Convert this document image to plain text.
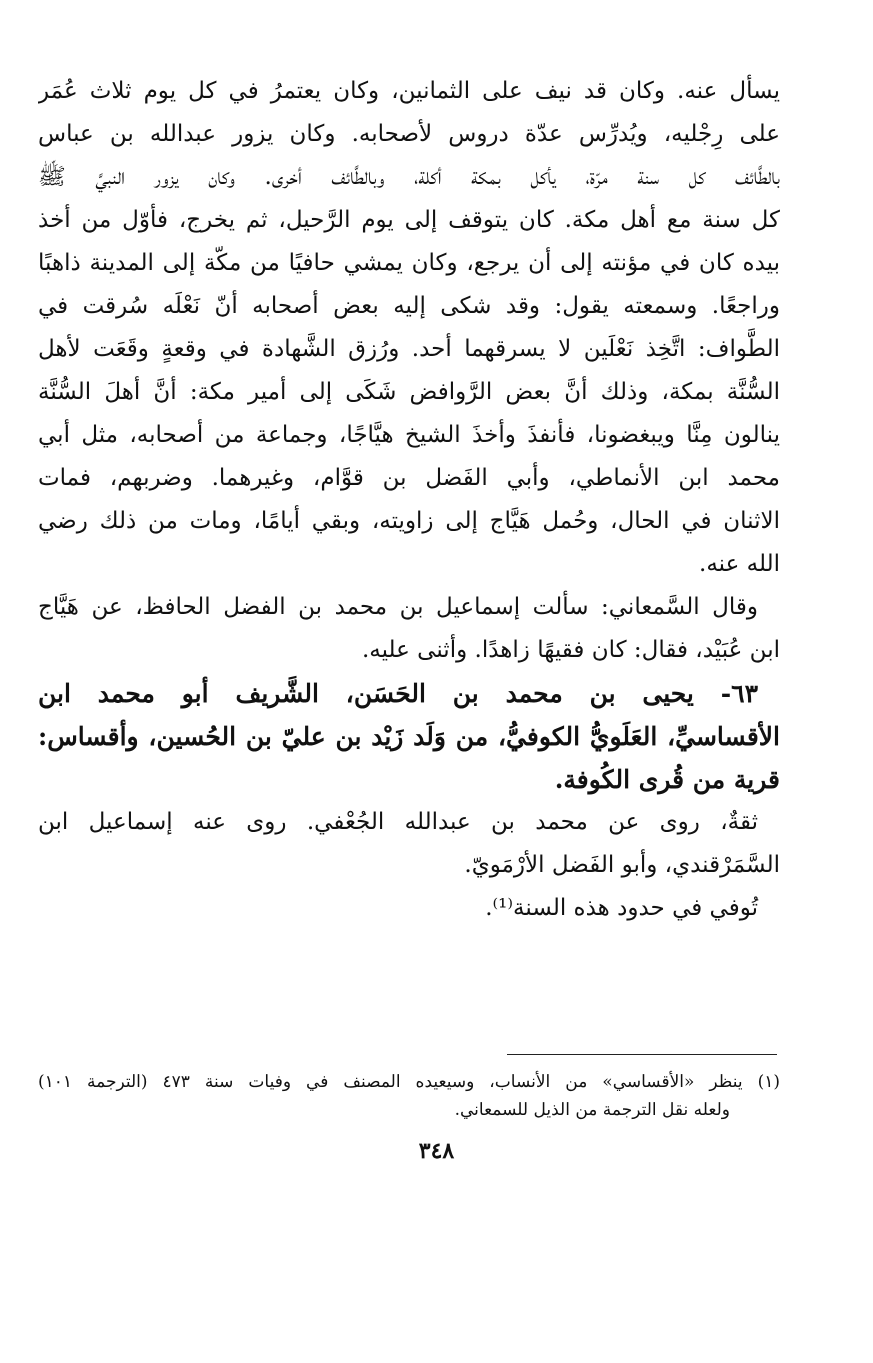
يسأل عنه. وكان قد نيف على الثمانين، وكان يعتمرُ في كل يوم ثلاث عُمَر
على رِجْليه، ويُدرِّس عدّة دروس لأصحابه. وكان يزور عبدالله بن عباس
بالطَّائف كل سنة مرّة، يأكل بمكة أكلة، وبالطَّائف أخرى. وكان يزور النبيَّ ﷺ
كل سنة مع أهل مكة. كان يتوقف إلى يوم الرَّحيل، ثم يخرج، فأوّل من أخذ
بيده كان في مؤنته إلى أن يرجع، وكان يمشي حافيًا من مكّة إلى المدينة ذاهبًا
وراجعًا. وسمعته يقول: وقد شكى إليه بعض أصحابه أنّ نَعْلَه سُرقت في
الطَّواف: اتَّخِذ نَعْلَين لا يسرقهما أحد. ورُزق الشَّهادة في وقعةٍ وقَعَت لأهل
السُّنَّة بمكة، وذلك أنَّ بعض الرَّوافض شَكَى إلى أمير مكة: أنَّ أهلَ السُّنَّة
ينالون مِنَّا ويبغضونا، فأنفذَ وأخذَ الشيخ هيَّاجًا، وجماعة من أصحابه، مثل أبي
محمد ابن الأنماطي، وأبي الفَضل بن قوَّام، وغيرهما. وضربهم، فمات
الاثنان في الحال، وحُمل هَيَّاج إلى زاويته، وبقي أيامًا، ومات من ذلك رضي
الله عنه.
وقال السَّمعاني: سألت إسماعيل بن محمد بن الفضل الحافظ، عن هَيَّاج
ابن عُبَيْد، فقال: كان فقيهًا زاهدًا. وأثنى عليه.
٦٣- يحيى بن محمد بن الحَسَن، الشَّريف أبو محمد ابن
الأقساسيِّ، العَلَويُّ الكوفيُّ، من وَلَد زَيْد بن عليّ بن الحُسين، وأقساس:
قرية من قُرى الكُوفة.
ثقةٌ، روى عن محمد بن عبدالله الجُعْفي. روى عنه إسماعيل ابن
السَّمَرْقندي، وأبو الفَضل الأرْمَويّ.
تُوفي في حدود هذه السنة⁽¹⁾.
(١) ينظر «الأقساسي» من الأنساب، وسيعيده المصنف في وفيات سنة ٤٧٣ (الترجمة ١٠١)
ولعله نقل الترجمة من الذيل للسمعاني.
٣٤٨
